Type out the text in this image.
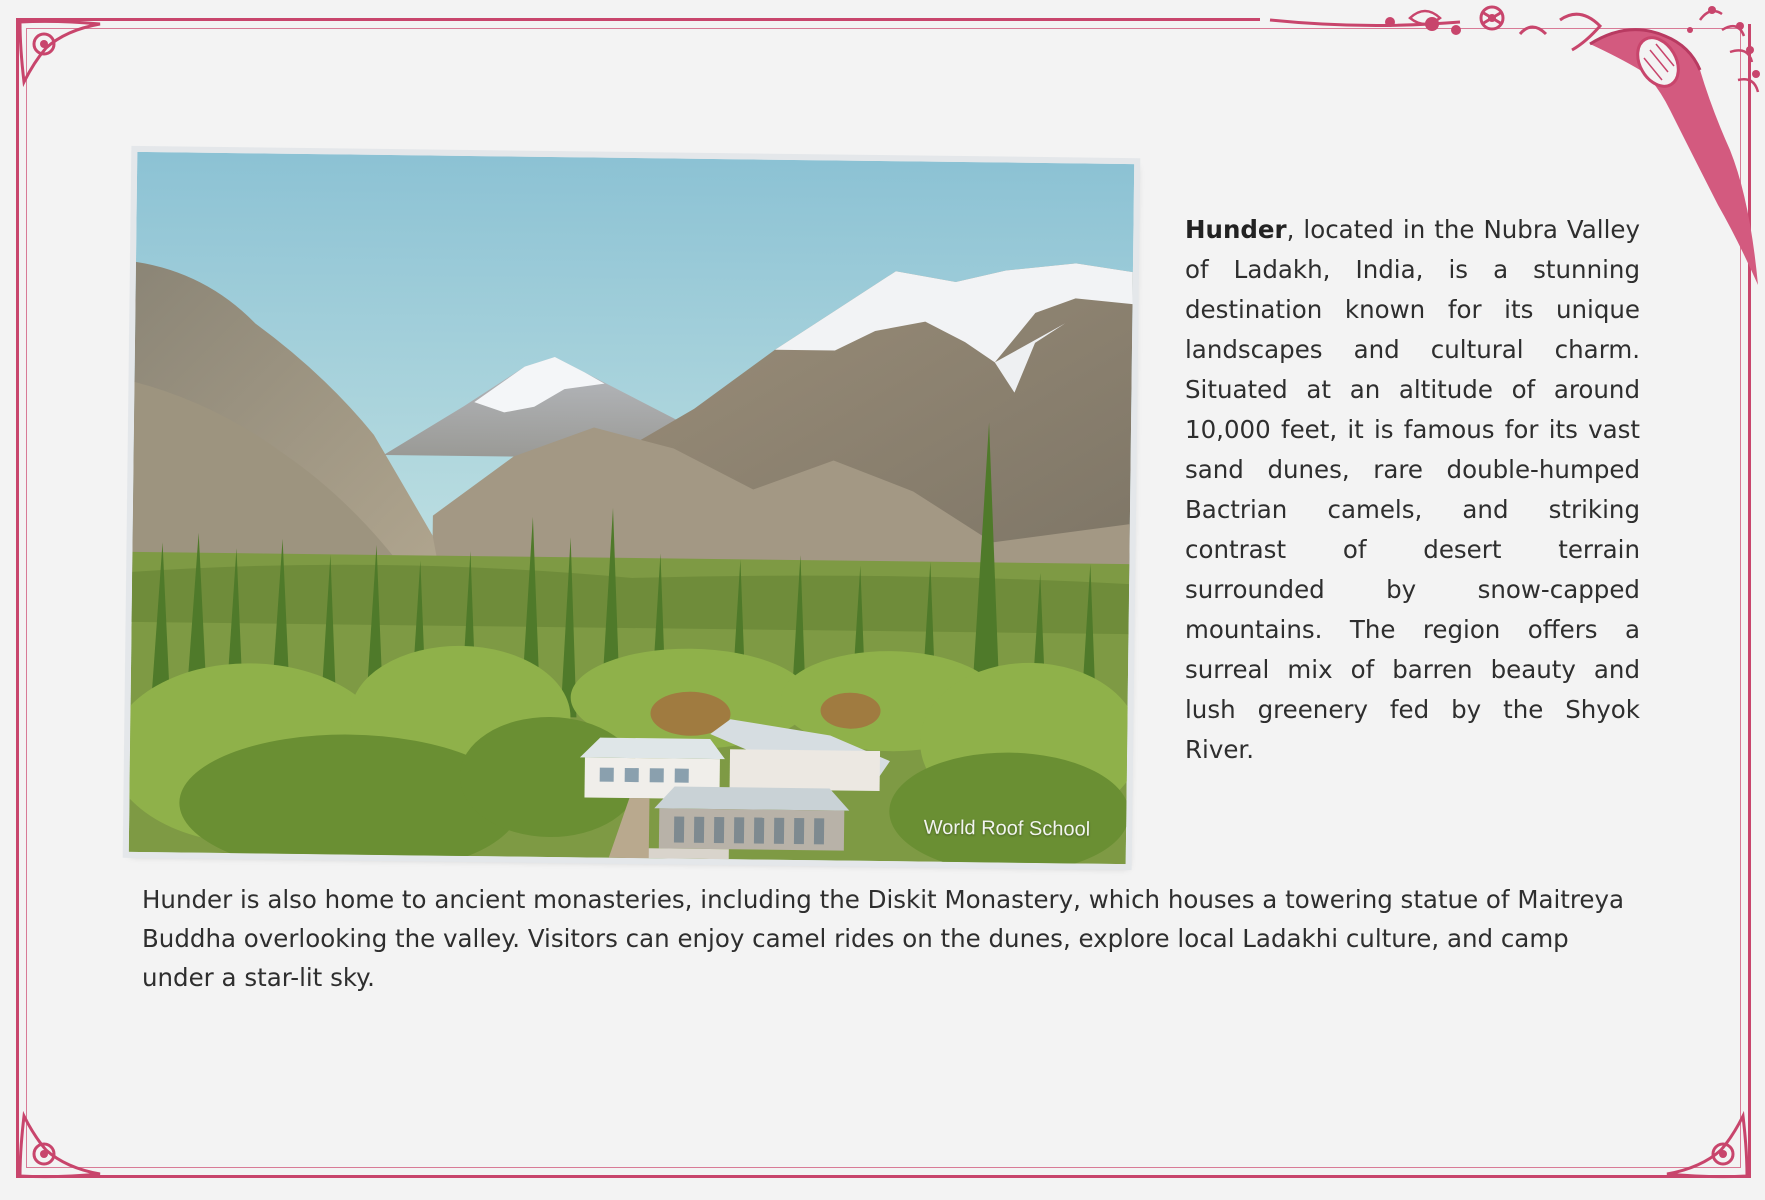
World Roof School
Hunder, located in the Nubra Valley of Ladakh, India, is a stunning destination known for its unique landscapes and cultural charm. Situated at an altitude of around 10,000 feet, it is famous for its vast sand dunes, rare double-humped Bactrian camels, and striking contrast of desert terrain surrounded by snow-capped mountains. The region offers a surreal mix of barren beauty and lush greenery fed by the Shyok River.
Hunder is also home to ancient monasteries, including the Diskit Monastery, which houses a towering statue of Maitreya Buddha overlooking the valley. Visitors can enjoy camel rides on the dunes, explore local Ladakhi culture, and camp under a star-lit sky.
